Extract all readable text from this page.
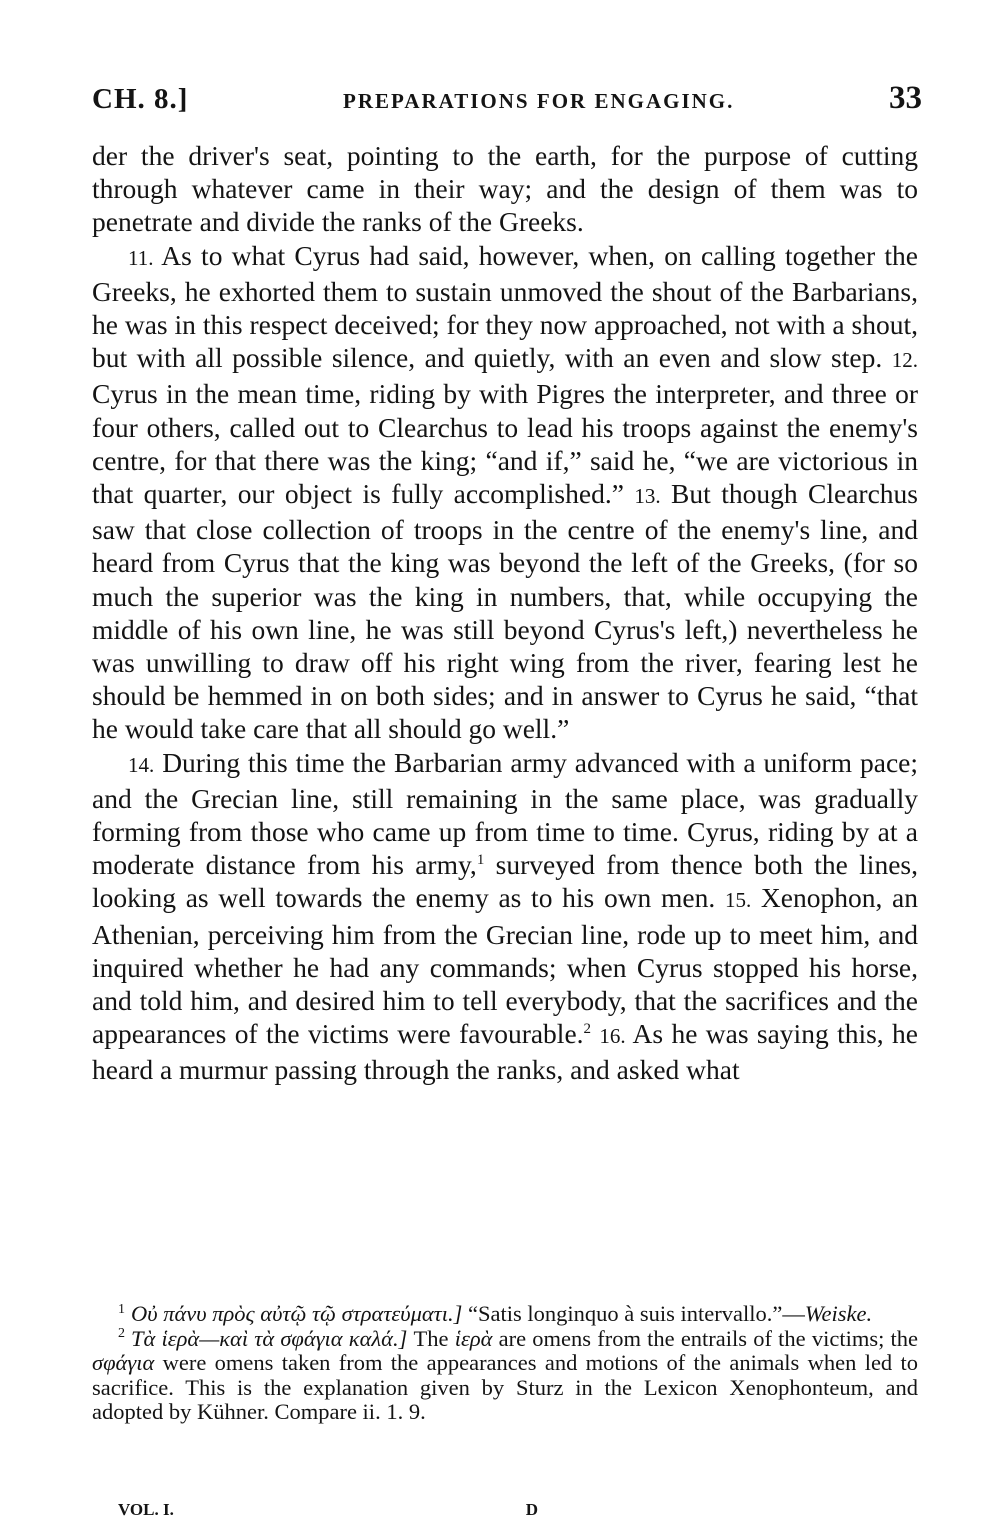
CH. 8.]	PREPARATIONS FOR ENGAGING.	33

der the driver's seat, pointing to the earth, for the purpose of cutting through whatever came in their way; and the design of them was to penetrate and divide the ranks of the Greeks.

11. As to what Cyrus had said, however, when, on calling together the Greeks, he exhorted them to sustain unmoved the shout of the Barbarians, he was in this respect deceived; for they now approached, not with a shout, but with all possible silence, and quietly, with an even and slow step. 12. Cyrus in the mean time, riding by with Pigres the interpreter, and three or four others, called out to Clearchus to lead his troops against the enemy's centre, for that there was the king; “and if,” said he, “we are victorious in that quarter, our object is fully accomplished.” 13. But though Clearchus saw that close collection of troops in the centre of the enemy's line, and heard from Cyrus that the king was beyond the left of the Greeks, (for so much the superior was the king in numbers, that, while occupying the middle of his own line, he was still beyond Cyrus's left,) nevertheless he was unwilling to draw off his right wing from the river, fearing lest he should be hemmed in on both sides; and in answer to Cyrus he said, “that he would take care that all should go well.”

14. During this time the Barbarian army advanced with a uniform pace; and the Grecian line, still remaining in the same place, was gradually forming from those who came up from time to time. Cyrus, riding by at a moderate distance from his army,$^1$ surveyed from thence both the lines, looking as well towards the enemy as to his own men. 15. Xenophon, an Athenian, perceiving him from the Grecian line, rode up to meet him, and inquired whether he had any commands; when Cyrus stopped his horse, and told him, and desired him to tell everybody, that the sacrifices and the appearances of the victims were favourable.$^2$ 16. As he was saying this, he heard a murmur passing through the ranks, and asked what

$^1$ Οὐ πάνυ πρὸς αὐτῷ τῷ στρατεύματι.] “Satis longinquo à suis intervallo.”—Weiske.

$^2$ Τὰ ἱερὰ—καὶ τὰ σφάγια καλά.] The ἱερὰ are omens from the entrails of the victims; the σφάγια were omens taken from the appearances and motions of the animals when led to sacrifice. This is the explanation given by Sturz in the Lexicon Xenophonteum, and adopted by Kühner. Compare ii. 1. 9.

VOL. I.	D
